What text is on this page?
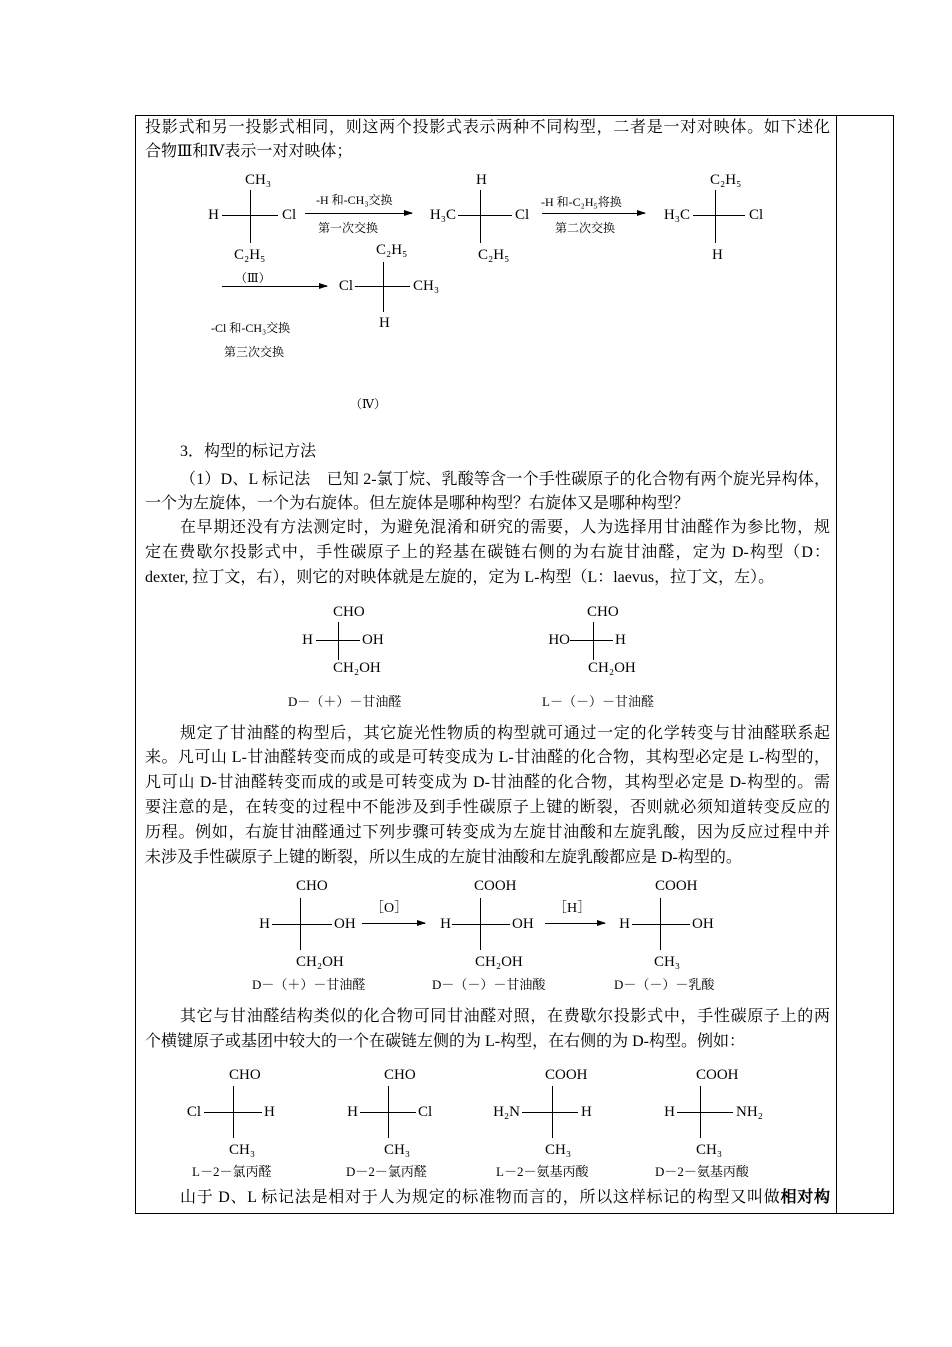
投影式和另一投影式相同，则这两个投影式表示两种不同构型，二者是一对对映体。如下述化
合物Ⅲ和Ⅳ表示一对对映体；
CH₃
H	Cl
C₂H₅
-H 和-CH₃交换
第一次交换
H
H₃C	Cl
C₂H₅
-H 和-C₂H₅将换
第二次交换
C₂H₅
H₃C	Cl
H
（Ⅲ）
C₂H₅
Cl	CH₃
H
-Cl 和-CH₃交换
第三次交换
（Ⅳ）
3．构型的标记方法
（1）D、L 标记法　已知 2-氯丁烷、乳酸等含一个手性碳原子的化合物有两个旋光异构体，
一个为左旋体，一个为右旋体。但左旋体是哪种构型？右旋体又是哪种构型？
在早期还没有方法测定时，为避免混淆和研究的需要，人为选择用甘油醛作为参比物，规
定在费歇尔投影式中，手性碳原子上的羟基在碳链右侧的为右旋甘油醛，定为 D-构型（D：
dexter, 拉丁文，右），则它的对映体就是左旋的，定为 L-构型（L：laevus，拉丁文，左）。
CHO
H	OH
CH₂OH
CHO
HO	H
CH₂OH
D－（＋）－甘油醛	L－（－）－甘油醛
规定了甘油醛的构型后，其它旋光性物质的构型就可通过一定的化学转变与甘油醛联系起
来。凡可山 L-甘油醛转变而成的或是可转变成为 L-甘油醛的化合物，其构型必定是 L-构型的，
凡可山 D-甘油醛转变而成的或是可转变成为 D-甘油醛的化合物，其构型必定是 D-构型的。需
要注意的是，在转变的过程中不能涉及到手性碳原子上键的断裂，否则就必须知道转变反应的
历程。例如，右旋甘油醛通过下列步骤可转变成为左旋甘油酸和左旋乳酸，因为反应过程中并
未涉及手性碳原子上键的断裂，所以生成的左旋甘油酸和左旋乳酸都应是 D-构型的。
CHO
H	OH
CH₂OH
［O］
COOH
H	OH
CH₂OH
［H］
COOH
H	OH
CH₃
D－（＋）－甘油醛	D－（－）－甘油酸	D－（－）－乳酸
其它与甘油醛结构类似的化合物可同甘油醛对照，在费歇尔投影式中，手性碳原子上的两
个横键原子或基团中较大的一个在碳链左侧的为 L-构型，在右侧的为 D-构型。例如：
CHO
Cl	H
CH₃
CHO
H	Cl
CH₃
COOH
H₂N	H
CH₃
COOH
H	NH₂
CH₃
L－2－氯丙醛	D－2－氯丙醛	L－2－氨基丙酸	D－2－氨基丙酸
山于 D、L 标记法是相对于人为规定的标准物而言的，所以这样标记的构型又叫做相对构
